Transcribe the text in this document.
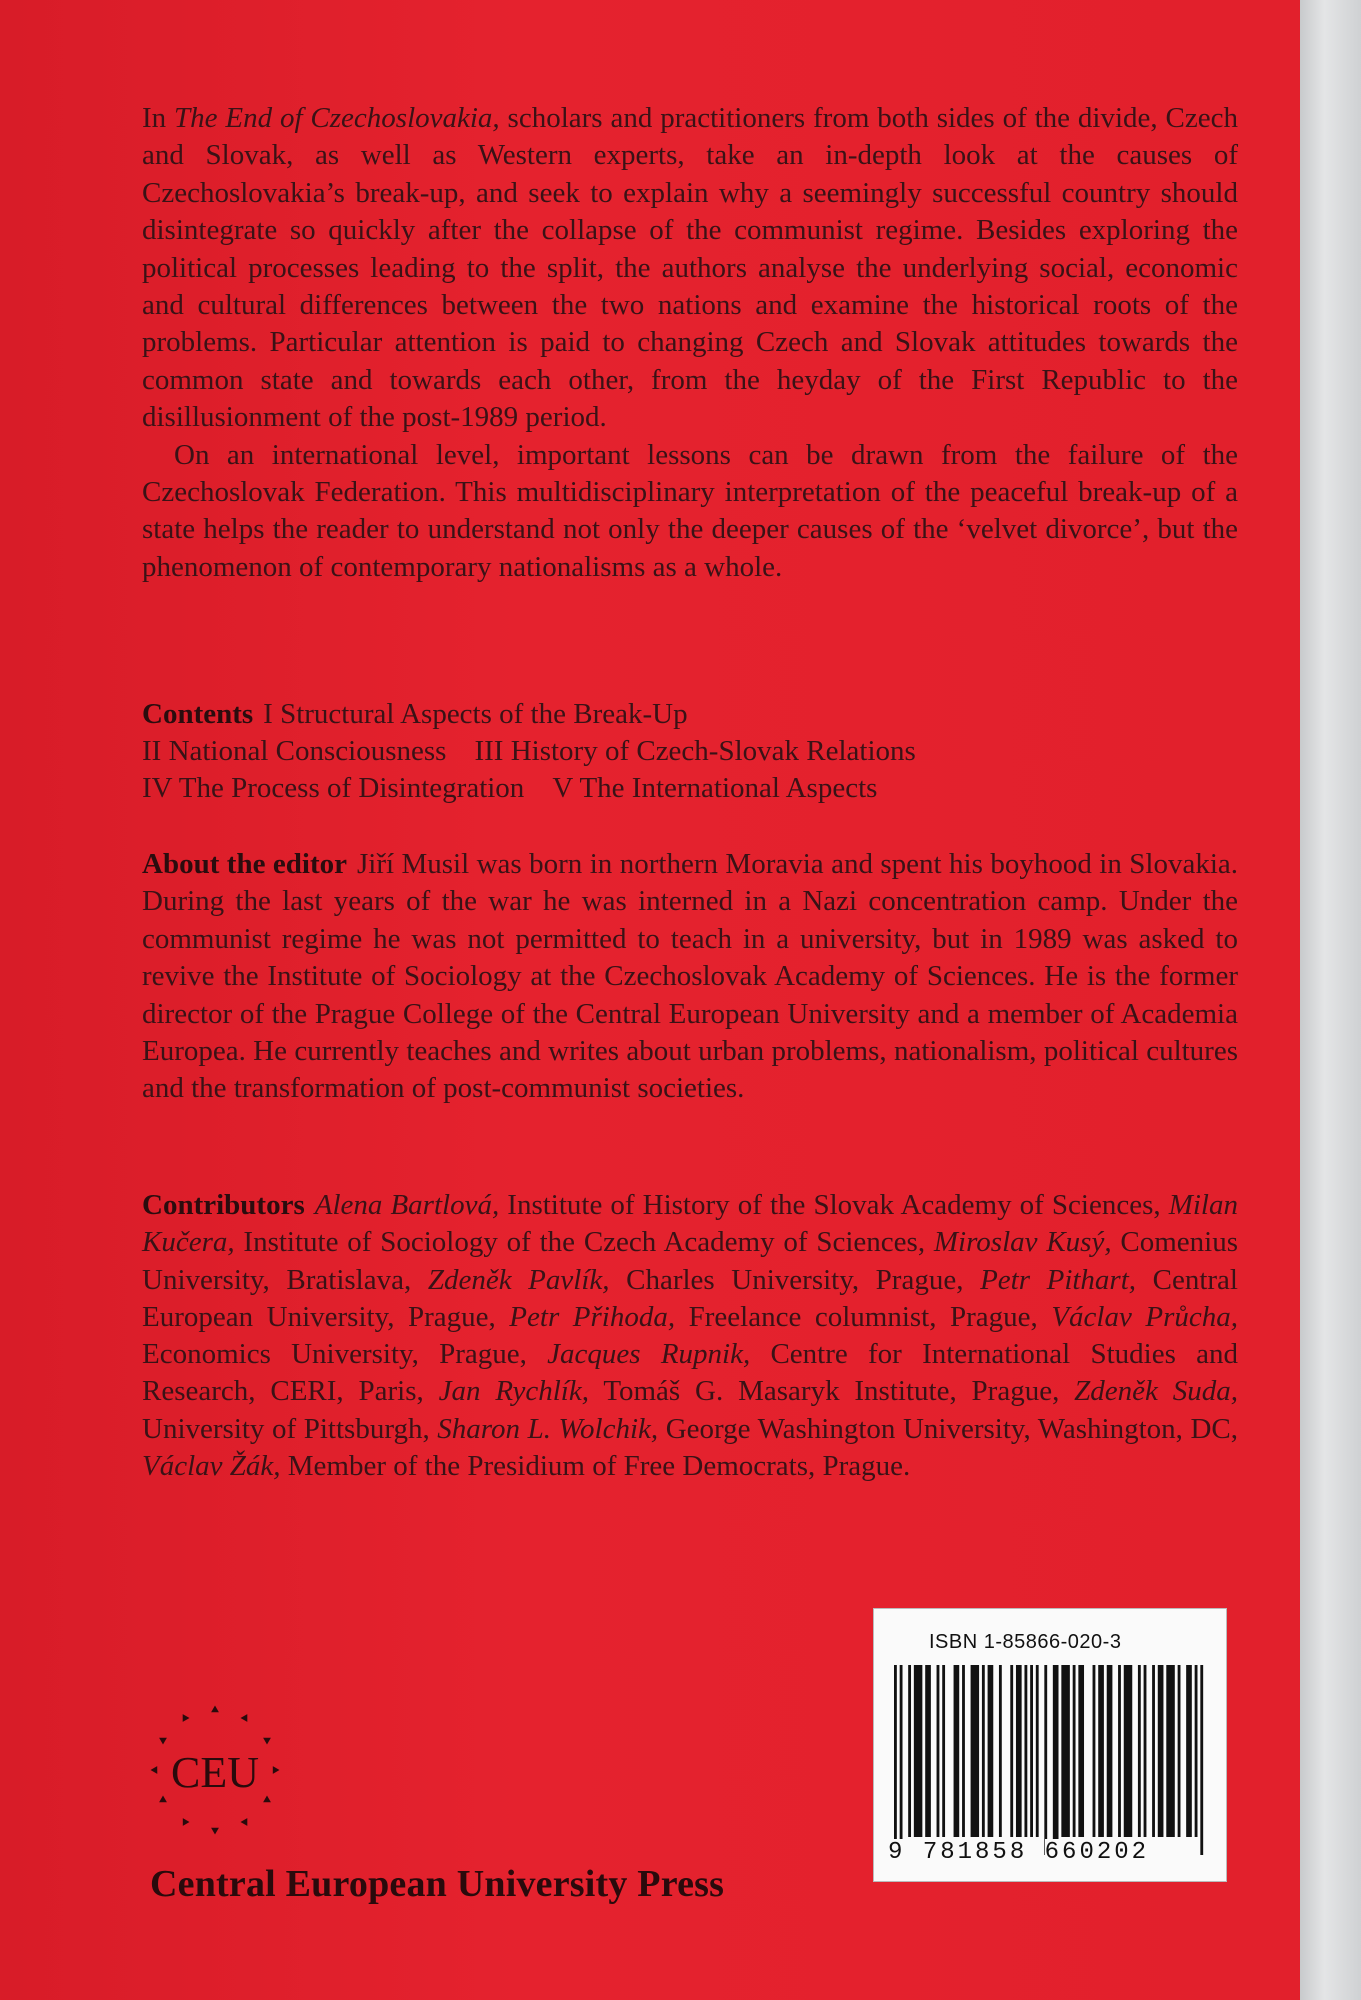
In The End of Czechoslovakia, scholars and practitioners from both sides of the divide, Czech and Slovak, as well as Western experts, take an in-depth look at the causes of Czechoslovakia’s break-up, and seek to explain why a seemingly successful country should disintegrate so quickly after the collapse of the communist regime. Besides exploring the political processes leading to the split, the authors analyse the underlying social, economic and cultural differences between the two nations and examine the historical roots of the problems. Particular attention is paid to changing Czech and Slovak attitudes towards the common state and towards each other, from the heyday of the First Republic to the disillusionment of the post-1989 period.

On an international level, important lessons can be drawn from the failure of the Czechoslovak Federation. This multidisciplinary interpretation of the peaceful break-up of a state helps the reader to understand not only the deeper causes of the ‘velvet divorce’, but the phenomenon of contemporary nationalisms as a whole.

Contents I Structural Aspects of the Break-Up
II National Consciousness III History of Czech-Slovak Relations
IV The Process of Disintegration V The International Aspects
About the editor Jiří Musil was born in northern Moravia and spent his boyhood in Slovakia. During the last years of the war he was interned in a Nazi concentration camp. Under the communist regime he was not permitted to teach in a university, but in 1989 was asked to revive the Institute of Sociology at the Czechoslovak Academy of Sciences. He is the former director of the Prague College of the Central European University and a member of Academia Europea. He currently teaches and writes about urban problems, nationalism, political cultures and the transformation of post-communist societies.
Contributors Alena Bartlová, Institute of History of the Slovak Academy of Sciences, Milan Kučera, Institute of Sociology of the Czech Academy of Sciences, Miroslav Kusý, Comenius University, Bratislava, Zdeněk Pavlík, Charles University, Prague, Petr Pithart, Central European University, Prague, Petr Přihoda, Freelance columnist, Prague, Václav Průcha, Economics University, Prague, Jacques Rupnik, Centre for International Studies and Research, CERI, Paris, Jan Rychlík, Tomáš G. Masaryk Institute, Prague, Zdeněk Suda, University of Pittsburgh, Sharon L. Wolchik, George Washington University, Washington, DC, Václav Žák, Member of the Presidium of Free Democrats, Prague.
CEU
Central European University Press
ISBN 1-85866-020-3
9 781858 660202
